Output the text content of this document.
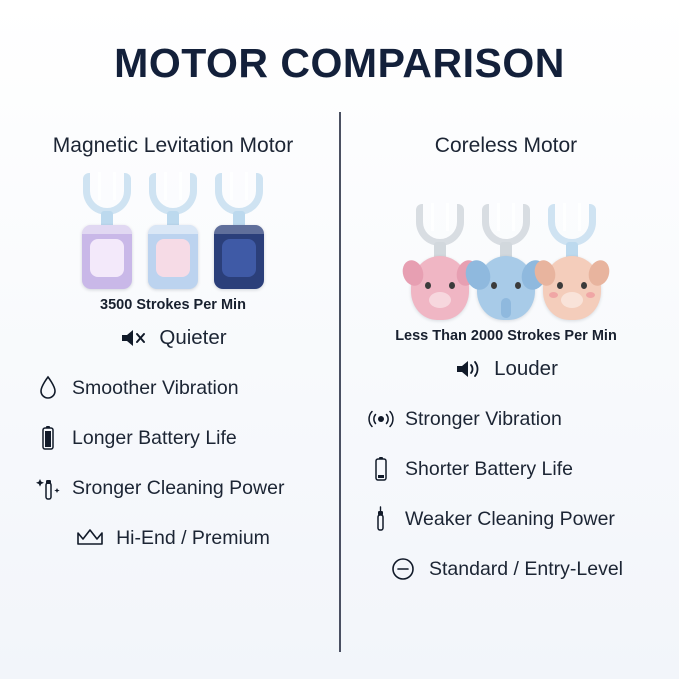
MOTOR COMPARISON
Magnetic Levitation Motor
3500 Strokes Per Min
Quieter
Smoother Vibration
Longer Battery Life
Sronger Cleaning Power
Hi-End / Premium
Coreless Motor
Less Than 2000 Strokes Per Min
Louder
Stronger Vibration
Shorter Battery Life
Weaker Cleaning Power
Standard / Entry-Level
